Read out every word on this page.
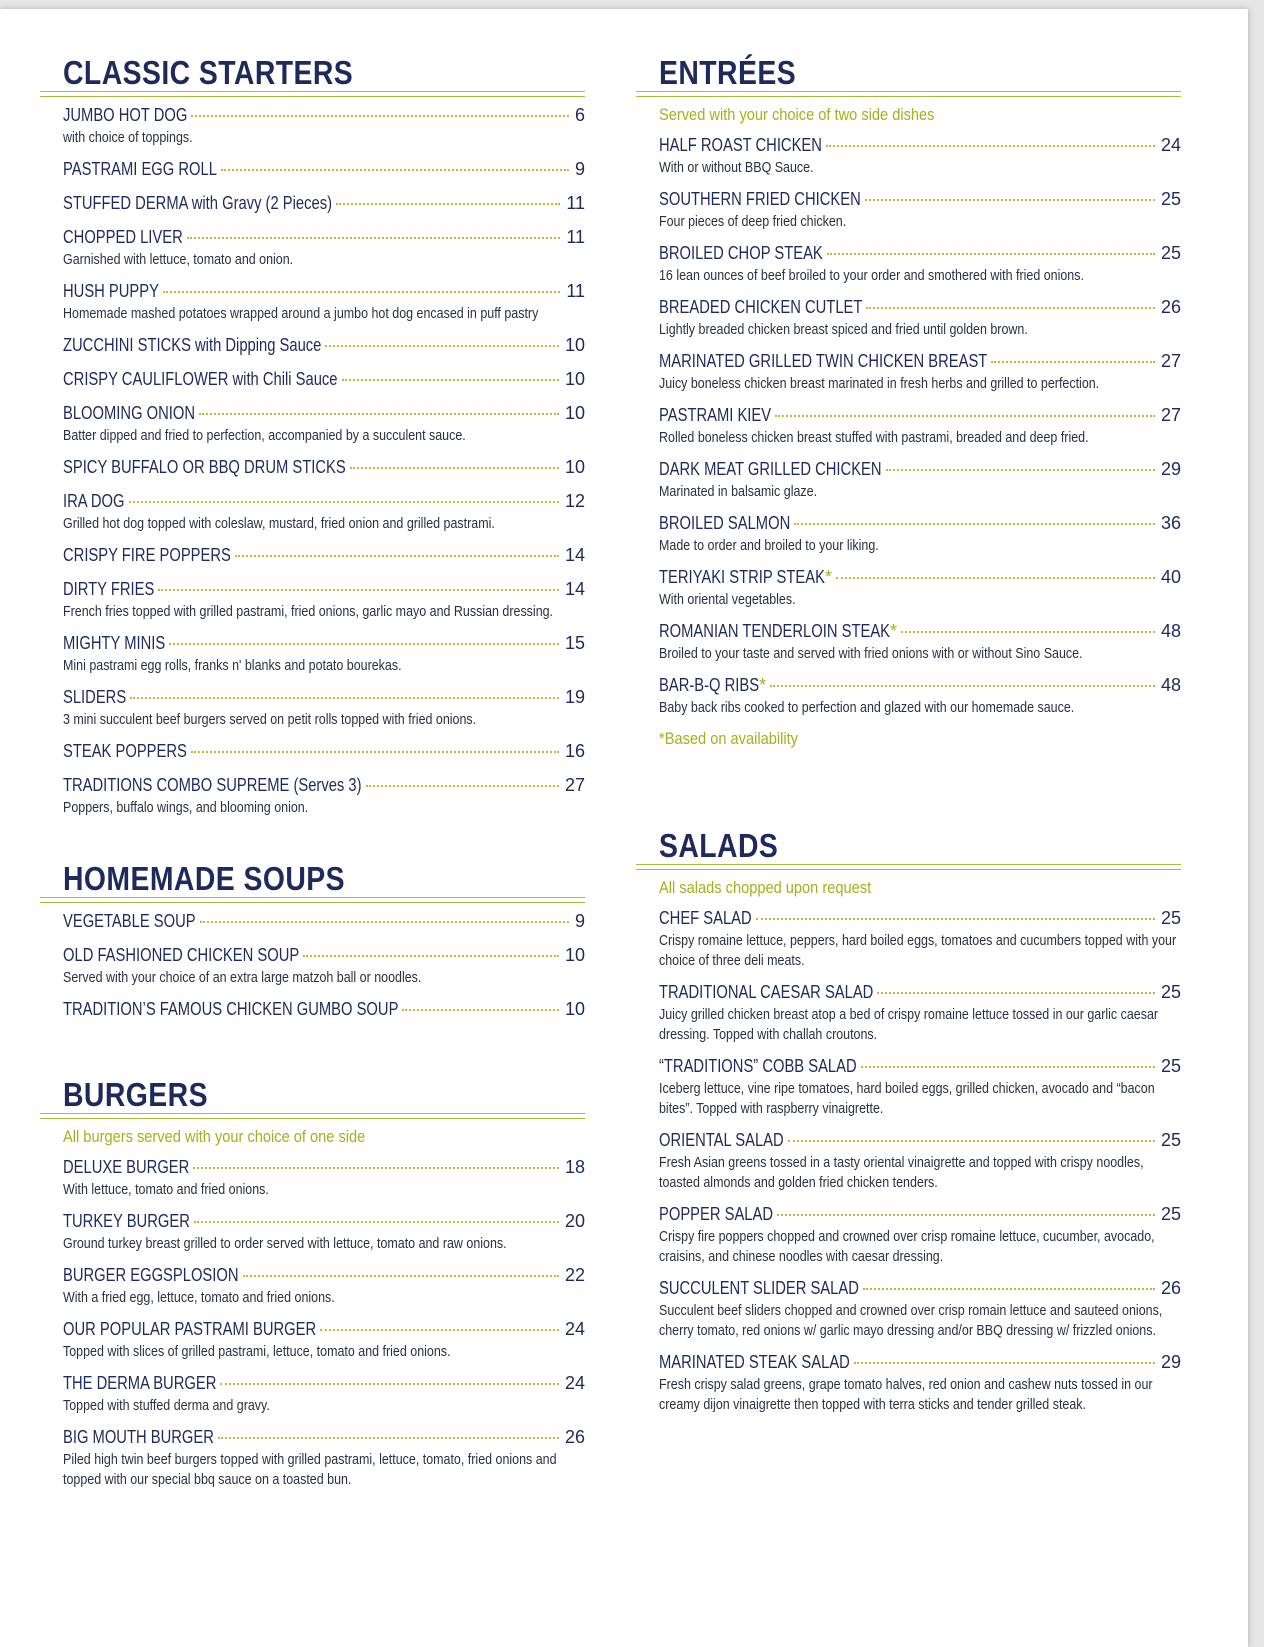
CLASSIC STARTERS
JUMBO HOT DOG	6
with choice of toppings.
PASTRAMI EGG ROLL	9
STUFFED DERMA with Gravy (2 Pieces)	11
CHOPPED LIVER	11
Garnished with lettuce, tomato and onion.
HUSH PUPPY	11
Homemade mashed potatoes wrapped around a jumbo hot dog encased in puff pastry
ZUCCHINI STICKS with Dipping Sauce	10
CRISPY CAULIFLOWER with Chili Sauce	10
BLOOMING ONION	10
Batter dipped and fried to perfection, accompanied by a succulent sauce.
SPICY BUFFALO OR BBQ DRUM STICKS	10
IRA DOG	12
Grilled hot dog topped with coleslaw, mustard, fried onion and grilled pastrami.
CRISPY FIRE POPPERS	14
DIRTY FRIES	14
French fries topped with grilled pastrami, fried onions, garlic mayo and Russian dressing.
MIGHTY MINIS	15
Mini pastrami egg rolls, franks n' blanks and potato bourekas.
SLIDERS	19
3 mini succulent beef burgers served on petit rolls topped with fried onions.
STEAK POPPERS	16
TRADITIONS COMBO SUPREME (Serves 3)	27
Poppers, buffalo wings, and blooming onion.
HOMEMADE SOUPS
VEGETABLE SOUP	9
OLD FASHIONED CHICKEN SOUP	10
Served with your choice of an extra large matzoh ball or noodles.
TRADITION’S FAMOUS CHICKEN GUMBO SOUP	10
BURGERS
All burgers served with your choice of one side
DELUXE BURGER	18
With lettuce, tomato and fried onions.
TURKEY BURGER	20
Ground turkey breast grilled to order served with lettuce, tomato and raw onions.
BURGER EGGSPLOSION	22
With a fried egg, lettuce, tomato and fried onions.
OUR POPULAR PASTRAMI BURGER	24
Topped with slices of grilled pastrami, lettuce, tomato and fried onions.
THE DERMA BURGER	24
Topped with stuffed derma and gravy.
BIG MOUTH BURGER	26
Piled high twin beef burgers topped with grilled pastrami, lettuce, tomato, fried onions and topped with our special bbq sauce on a toasted bun.
ENTRÉES
Served with your choice of two side dishes
HALF ROAST CHICKEN	24
With or without BBQ Sauce.
SOUTHERN FRIED CHICKEN	25
Four pieces of deep fried chicken.
BROILED CHOP STEAK	25
16 lean ounces of beef broiled to your order and smothered with fried onions.
BREADED CHICKEN CUTLET	26
Lightly breaded chicken breast spiced and fried until golden brown.
MARINATED GRILLED TWIN CHICKEN BREAST	27
Juicy boneless chicken breast marinated in fresh herbs and grilled to perfection.
PASTRAMI KIEV	27
Rolled boneless chicken breast stuffed with pastrami, breaded and deep fried.
DARK MEAT GRILLED CHICKEN	29
Marinated in balsamic glaze.
BROILED SALMON	36
Made to order and broiled to your liking.
TERIYAKI STRIP STEAK*	40
With oriental vegetables.
ROMANIAN TENDERLOIN STEAK*	48
Broiled to your taste and served with fried onions with or without Sino Sauce.
BAR-B-Q RIBS*	48
Baby back ribs cooked to perfection and glazed with our homemade sauce.
*Based on availability
SALADS
All salads chopped upon request
CHEF SALAD	25
Crispy romaine lettuce, peppers, hard boiled eggs, tomatoes and cucumbers topped with your choice of three deli meats.
TRADITIONAL CAESAR SALAD	25
Juicy grilled chicken breast atop a bed of crispy romaine lettuce tossed in our garlic caesar dressing. Topped with challah croutons.
“TRADITIONS” COBB SALAD	25
Iceberg lettuce, vine ripe tomatoes, hard boiled eggs, grilled chicken, avocado and “bacon bites”. Topped with raspberry vinaigrette.
ORIENTAL SALAD	25
Fresh Asian greens tossed in a tasty oriental vinaigrette and topped with crispy noodles, toasted almonds and golden fried chicken tenders.
POPPER SALAD	25
Crispy fire poppers chopped and crowned over crisp romaine lettuce, cucumber, avocado, craisins, and chinese noodles with caesar dressing.
SUCCULENT SLIDER SALAD	26
Succulent beef sliders chopped and crowned over crisp romain lettuce and sauteed onions, cherry tomato, red onions w/ garlic mayo dressing and/or BBQ dressing w/ frizzled onions.
MARINATED STEAK SALAD	29
Fresh crispy salad greens, grape tomato halves, red onion and cashew nuts tossed in our creamy dijon vinaigrette then topped with terra sticks and tender grilled steak.
